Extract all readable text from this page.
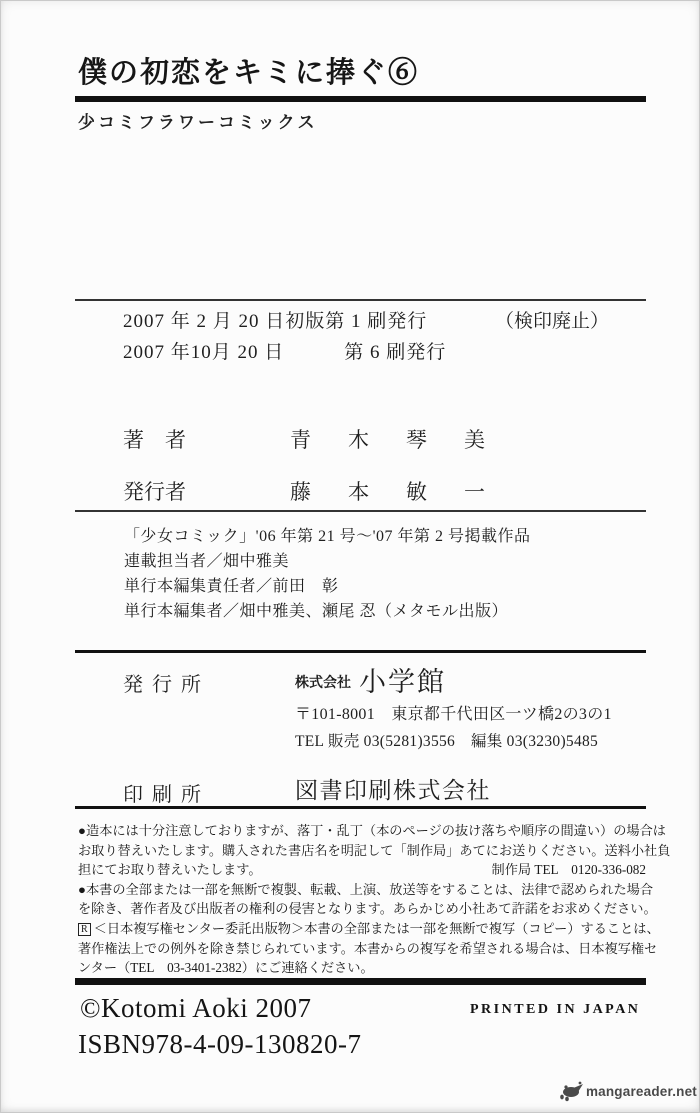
僕の初恋をキミに捧ぐ⑥
少コミフラワーコミックス
2007 年 2 月 20 日初版第 1 刷発行	（検印廃止）
2007 年10月 20 日　　　第 6 刷発行
著　者	青木琴美
発行者	藤本敏一
「少女コミック」'06 年第 21 号～'07 年第 2 号掲載作品
連載担当者／畑中雅美
単行本編集責任者／前田　彰
単行本編集者／畑中雅美、瀬尾 忍（メタモル出版）
発行所	株式会社 小学館
〒101-8001　東京都千代田区一ツ橋2の3の1
TEL 販売 03(5281)3556　編集 03(3230)5485
印刷所	図書印刷株式会社
●造本には十分注意しておりますが、落丁・乱丁（本のページの抜け落ちや順序の間違い）の場合は
お取り替えいたします。購入された書店名を明記して「制作局」あてにお送りください。送料小社負
担にてお取り替えいたします。	制作局 TEL　0120-336-082
●本書の全部または一部を無断で複製、転載、上演、放送等をすることは、法律で認められた場合
を除き、著作者及び出版者の権利の侵害となります。あらかじめ小社あて許諾をお求めください。
R ＜日本複写権センター委託出版物＞本書の全部または一部を無断で複写（コピー）することは、
著作権法上での例外を除き禁じられています。本書からの複写を希望される場合は、日本複写権セ
ンター（TEL　03-3401-2382）にご連絡ください。
©Kotomi Aoki 2007	PRINTED IN JAPAN
ISBN978-4-09-130820-7
mangareader.net
